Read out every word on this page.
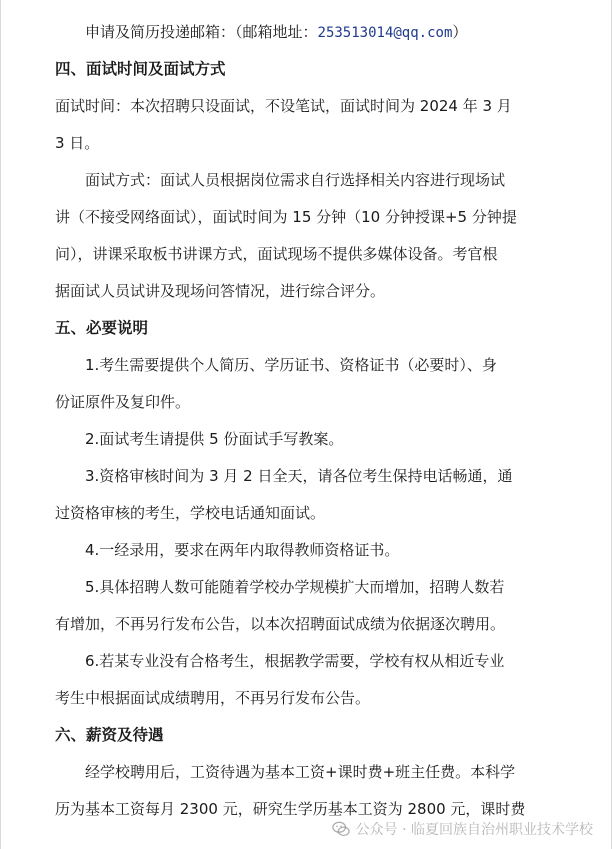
申请及简历投递邮箱：（邮箱地址：253513014@qq.com）
四、面试时间及面试方式
面试时间：本次招聘只设面试，不设笔试，面试时间为 2024 年 3 月
3 日。
面试方式：面试人员根据岗位需求自行选择相关内容进行现场试
讲（不接受网络面试），面试时间为 15 分钟（10 分钟授课+5 分钟提
问），讲课采取板书讲课方式，面试现场不提供多媒体设备。考官根
据面试人员试讲及现场问答情况，进行综合评分。
五、必要说明
1.考生需要提供个人简历、学历证书、资格证书（必要时）、身
份证原件及复印件。
2.面试考生请提供 5 份面试手写教案。
3.资格审核时间为 3 月 2 日全天，请各位考生保持电话畅通，通
过资格审核的考生，学校电话通知面试。
4.一经录用，要求在两年内取得教师资格证书。
5.具体招聘人数可能随着学校办学规模扩大而增加，招聘人数若
有增加，不再另行发布公告，以本次招聘面试成绩为依据逐次聘用。
6.若某专业没有合格考生，根据教学需要，学校有权从相近专业
考生中根据面试成绩聘用，不再另行发布公告。
六、薪资及待遇
经学校聘用后，工资待遇为基本工资+课时费+班主任费。本科学
历为基本工资每月 2300 元，研究生学历基本工资为 2800 元，课时费
公众号 · 临夏回族自治州职业技术学校
